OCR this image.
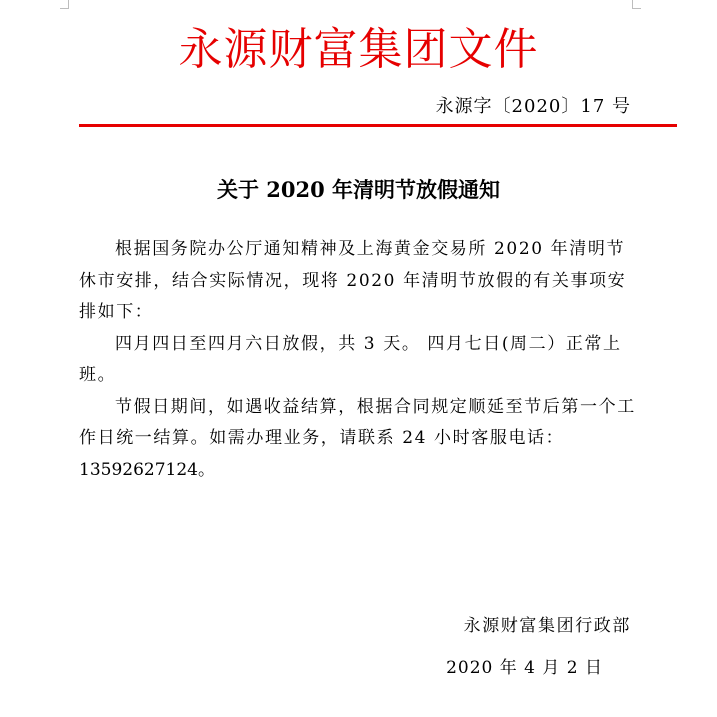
永源财富集团文件
永源字〔2020〕17 号
关于 2020 年清明节放假通知

根据国务院办公厅通知精神及上海黄金交易所 2020 年清明节休市安排，结合实际情况，现将 2020 年清明节放假的有关事项安排如下：

四月四日至四月六日放假，共 3 天。 四月七日(周二）正常上班。

节假日期间，如遇收益结算，根据合同规定顺延至节后第一个工作日统一结算。如需办理业务，请联系 24 小时客服电话：

13592627124。
永源财富集团行政部
2020 年 4 月 2 日
